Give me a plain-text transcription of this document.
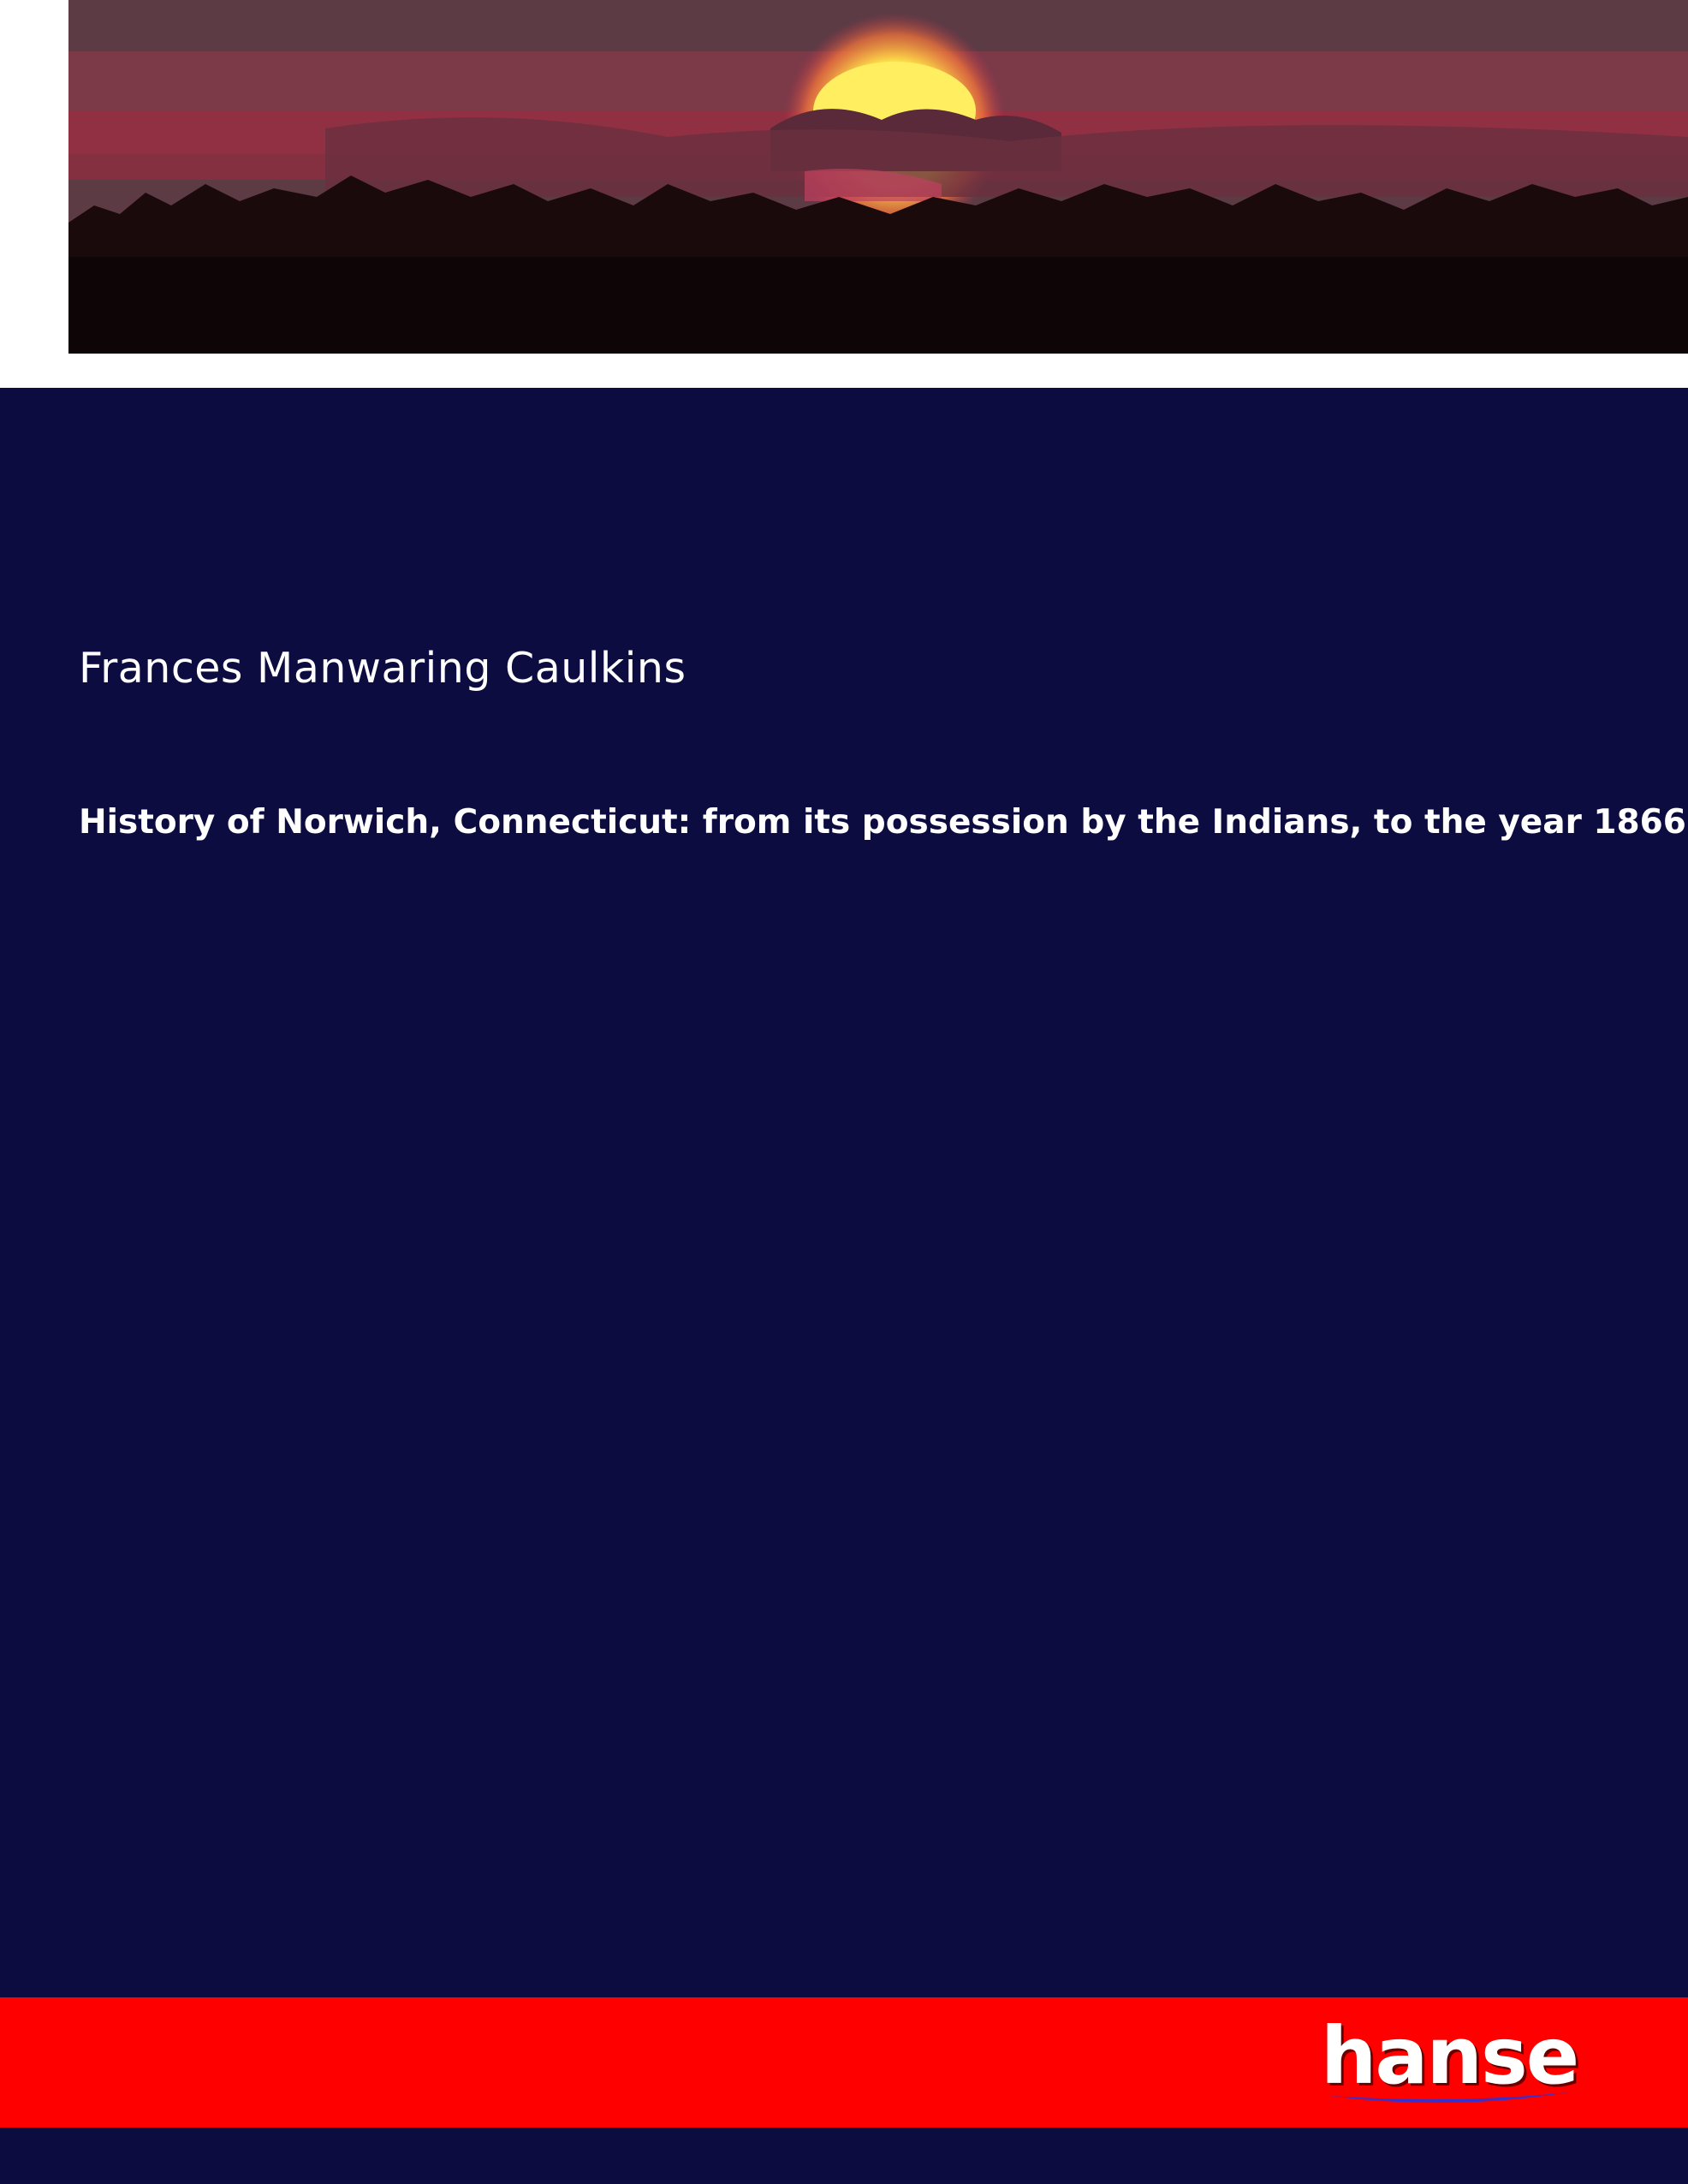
Frances Manwaring Caulkins
History of Norwich, Connecticut: from its possession by the Indians, to the year 1866
hanse
